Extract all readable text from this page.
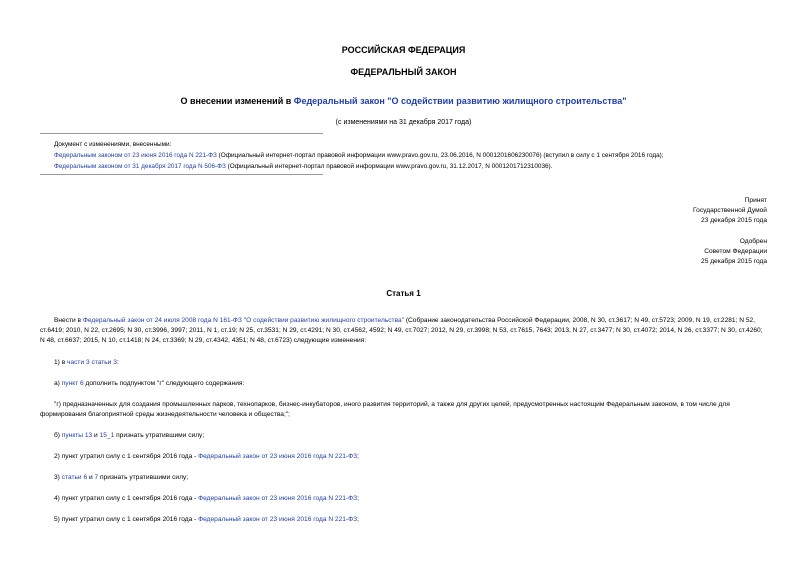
РОССИЙСКАЯ ФЕДЕРАЦИЯ
ФЕДЕРАЛЬНЫЙ ЗАКОН
О внесении изменений в Федеральный закон "О содействии развитию жилищного строительства"
(с изменениями на 31 декабря 2017 года)
Документ с изменениями, внесенными:
Федеральным законом от 23 июня 2016 года N 221-ФЗ (Официальный интернет-портал правовой информации www.pravo.gov.ru, 23.06.2016, N 0001201606230076) (вступил в силу с 1 сентября 2016 года);
Федеральным законом от 31 декабря 2017 года N 506-ФЗ (Официальный интернет-портал правовой информации www.pravo.gov.ru, 31.12.2017, N 0001201712310036).
Принят
Государственной Думой
23 декабря 2015 года
Одобрен
Советом Федерации
25 декабря 2015 года
Статья 1
Внести в Федеральный закон от 24 июля 2008 года N 161-ФЗ "О содействии развитию жилищного строительства" (Собрание законодательства Российской Федерации, 2008, N 30, ст.3617; N 49, ст.5723; 2009, N 19, ст.2281; N 52, ст.6419; 2010, N 22, ст.2695; N 30, ст.3996, 3997; 2011, N 1, ст.19; N 25, ст.3531; N 29, ст.4291; N 30, ст.4562, 4592; N 49, ст.7027; 2012, N 29, ст.3998; N 53, ст.7615, 7643; 2013, N 27, ст.3477; N 30, ст.4072; 2014, N 26, ст.3377; N 30, ст.4260; N 48, ст.6637; 2015, N 10, ст.1418; N 24, ст.3369; N 29, ст.4342, 4351; N 48, ст.6723) следующие изменения:
1) в части 3 статьи 3:
а) пункт 6 дополнить подпунктом "г" следующего содержания:
"г) предназначенных для создания промышленных парков, технопарков, бизнес-инкубаторов, иного развития территорий, а также для других целей, предусмотренных настоящим Федеральным законом, в том числе для формирования благоприятной среды жизнедеятельности человека и общества;";
б) пункты 13 и 15_1 признать утратившими силу;
2) пункт утратил силу с 1 сентября 2016 года - Федеральный закон от 23 июня 2016 года N 221-ФЗ;
3) статьи 6 и 7 признать утратившими силу;
4) пункт утратил силу с 1 сентября 2016 года - Федеральный закон от 23 июня 2016 года N 221-ФЗ;
5) пункт утратил силу с 1 сентября 2016 года - Федеральный закон от 23 июня 2016 года N 221-ФЗ;
